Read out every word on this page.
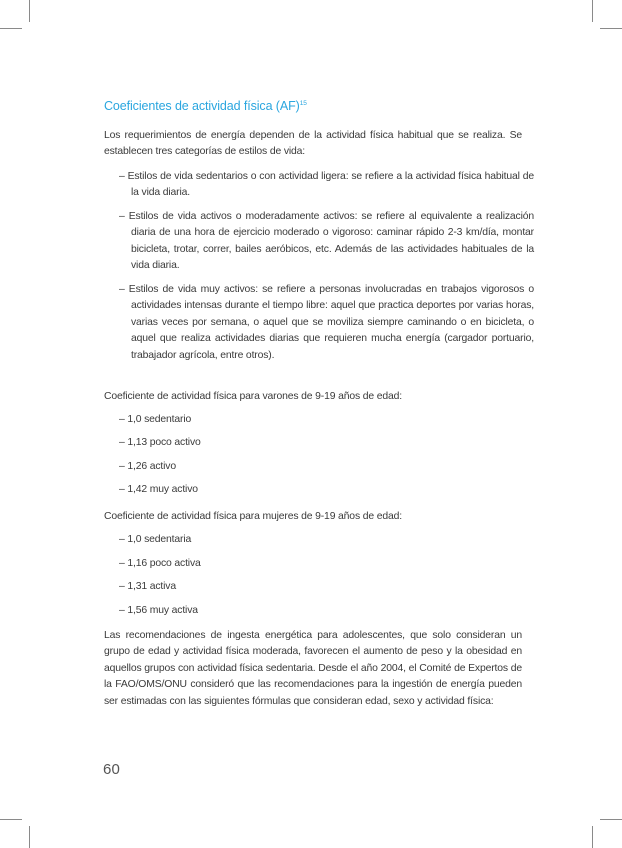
Coeficientes de actividad física (AF)$^{15}$

Los requerimientos de energía dependen de la actividad física habitual que se realiza. Se establecen tres categorías de estilos de vida:

– Estilos de vida sedentarios o con actividad ligera: se refiere a la actividad física habitual de la vida diaria.

– Estilos de vida activos o moderadamente activos: se refiere al equivalente a realización diaria de una hora de ejercicio moderado o vigoroso: caminar rápido 2-3 km/día, montar bicicleta, trotar, correr, bailes aeróbicos, etc. Además de las actividades habituales de la vida diaria.

– Estilos de vida muy activos: se refiere a personas involucradas en trabajos vigorosos o actividades intensas durante el tiempo libre: aquel que practica deportes por varias horas, varias veces por semana, o aquel que se moviliza siempre caminando o en bicicleta, o aquel que realiza actividades diarias que requieren mucha energía (cargador portuario, trabajador agrícola, entre otros).

Coeficiente de actividad física para varones de 9-19 años de edad:

– 1,0 sedentario

– 1,13 poco activo

– 1,26 activo

– 1,42 muy activo

Coeficiente de actividad física para mujeres de 9-19 años de edad:

– 1,0 sedentaria

– 1,16 poco activa

– 1,31 activa

– 1,56 muy activa

Las recomendaciones de ingesta energética para adolescentes, que solo consideran un grupo de edad y actividad física moderada, favorecen el aumento de peso y la obesidad en aquellos grupos con actividad física sedentaria. Desde el año 2004, el Comité de Expertos de la FAO/OMS/ONU consideró que las recomendaciones para la ingestión de energía pueden ser estimadas con las siguientes fórmulas que consideran edad, sexo y actividad física:

60
